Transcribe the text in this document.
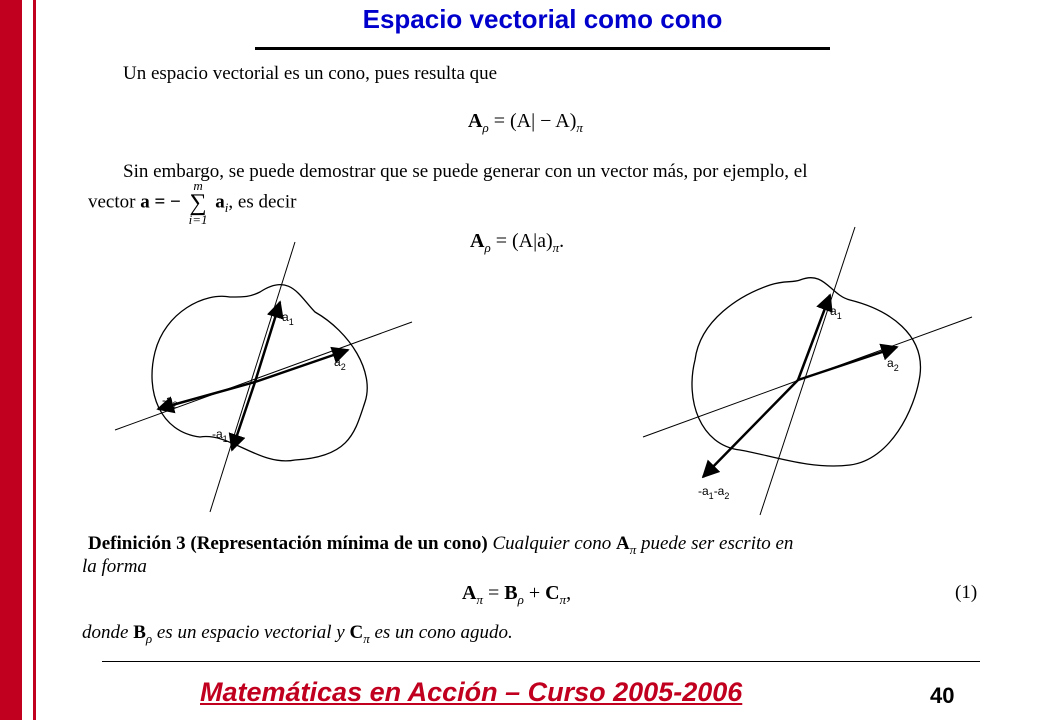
Espacio vectorial como cono
Un espacio vectorial es un cono, pues resulta que
$A_\rho = (A| - A)_\pi$
Sin embargo, se puede demostrar que se puede generar con un vector más, por ejemplo, el
vector a = −
m
∑
i=1
$a_i$, es decir
$A_\rho = (A|a)_\pi$.
$a_1$
$a_2$
$-a_2$
$-a_1$
$a_1$
$a_2$
$-a_1-a_2$
Definición 3 (Representación mínima de un cono) Cualquier cono $A_\pi$ puede ser escrito en
la forma
$A_\pi = B_\rho + C_\pi$,	(1)
donde $B_\rho$ es un espacio vectorial y $C_\pi$ es un cono agudo.
Matemáticas en Acción – Curso 2005-2006	40
